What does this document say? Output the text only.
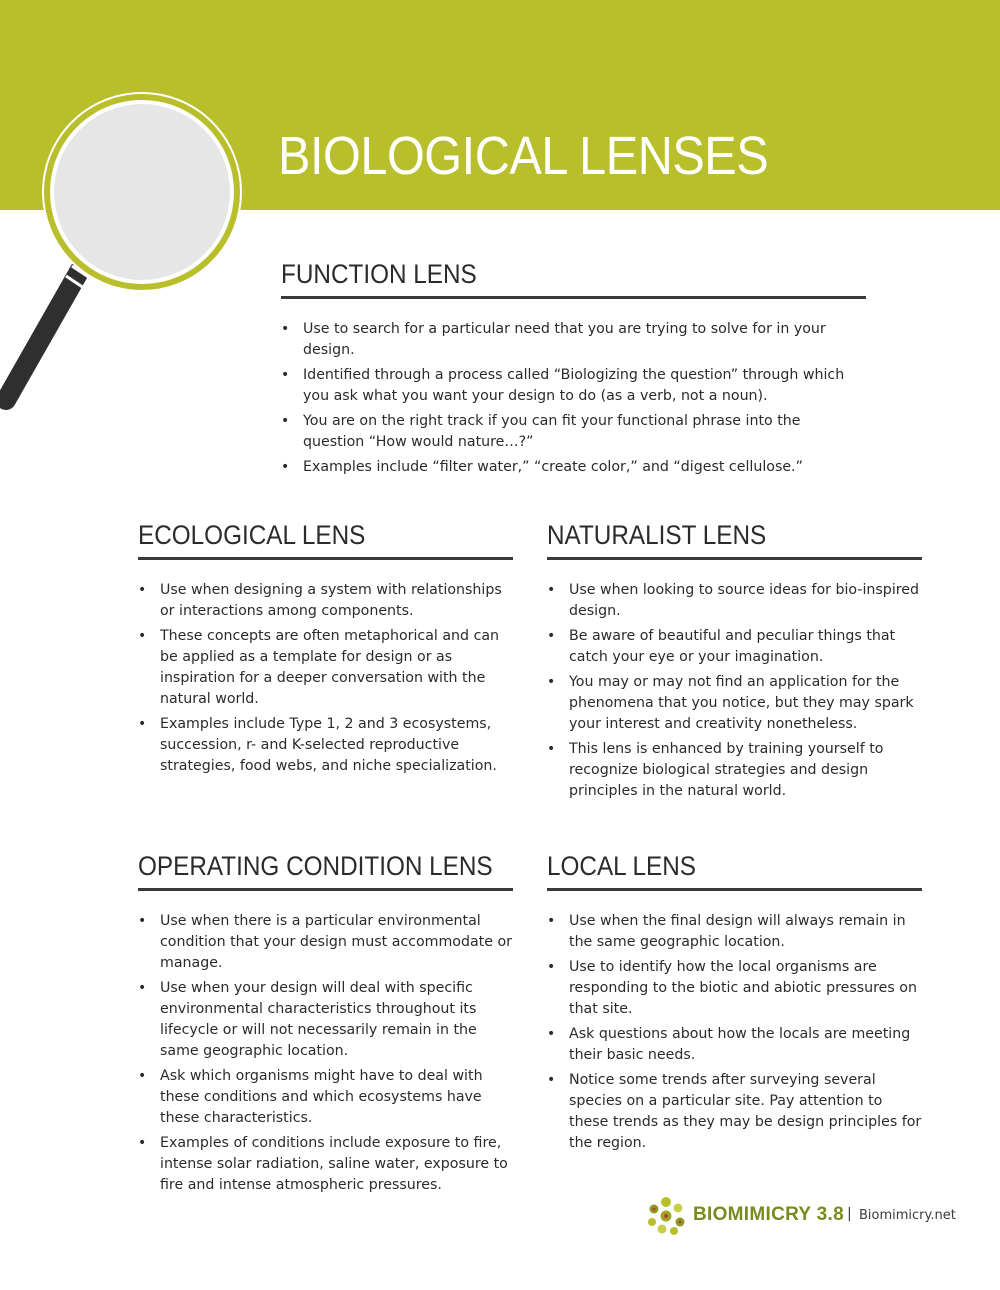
BIOLOGICAL LENSES
FUNCTION LENS
• Use to search for a particular need that you are trying to solve for in your design.
• Identified through a process called “Biologizing the question” through which you ask what you want your design to do (as a verb, not a noun).
• You are on the right track if you can fit your functional phrase into the question “How would nature…?”
• Examples include “filter water,” “create color,” and “digest cellulose.”
ECOLOGICAL LENS
• Use when designing a system with relationships or interactions among components.
• These concepts are often metaphorical and can be applied as a template for design or as inspiration for a deeper conversation with the natural world.
• Examples include Type 1, 2 and 3 ecosystems, succession, r- and K-selected reproductive strategies, food webs, and niche specialization.
NATURALIST LENS
• Use when looking to source ideas for bio-inspired design.
• Be aware of beautiful and peculiar things that catch your eye or your imagination.
• You may or may not find an application for the phenomena that you notice, but they may spark your interest and creativity nonetheless.
• This lens is enhanced by training yourself to recognize biological strategies and design principles in the natural world.
OPERATING CONDITION LENS
• Use when there is a particular environmental condition that your design must accommodate or manage.
• Use when your design will deal with specific environmental characteristics throughout its lifecycle or will not necessarily remain in the same geographic location.
• Ask which organisms might have to deal with these conditions and which ecosystems have these characteristics.
• Examples of conditions include exposure to fire, intense solar radiation, saline water, exposure to fire and intense atmospheric pressures.
LOCAL LENS
• Use when the final design will always remain in the same geographic location.
• Use to identify how the local organisms are responding to the biotic and abiotic pressures on that site.
• Ask questions about how the locals are meeting their basic needs.
• Notice some trends after surveying several species on a particular site. Pay attention to these trends as they may be design principles for the region.
BIOMIMICRY 3.8 | Biomimicry.net
